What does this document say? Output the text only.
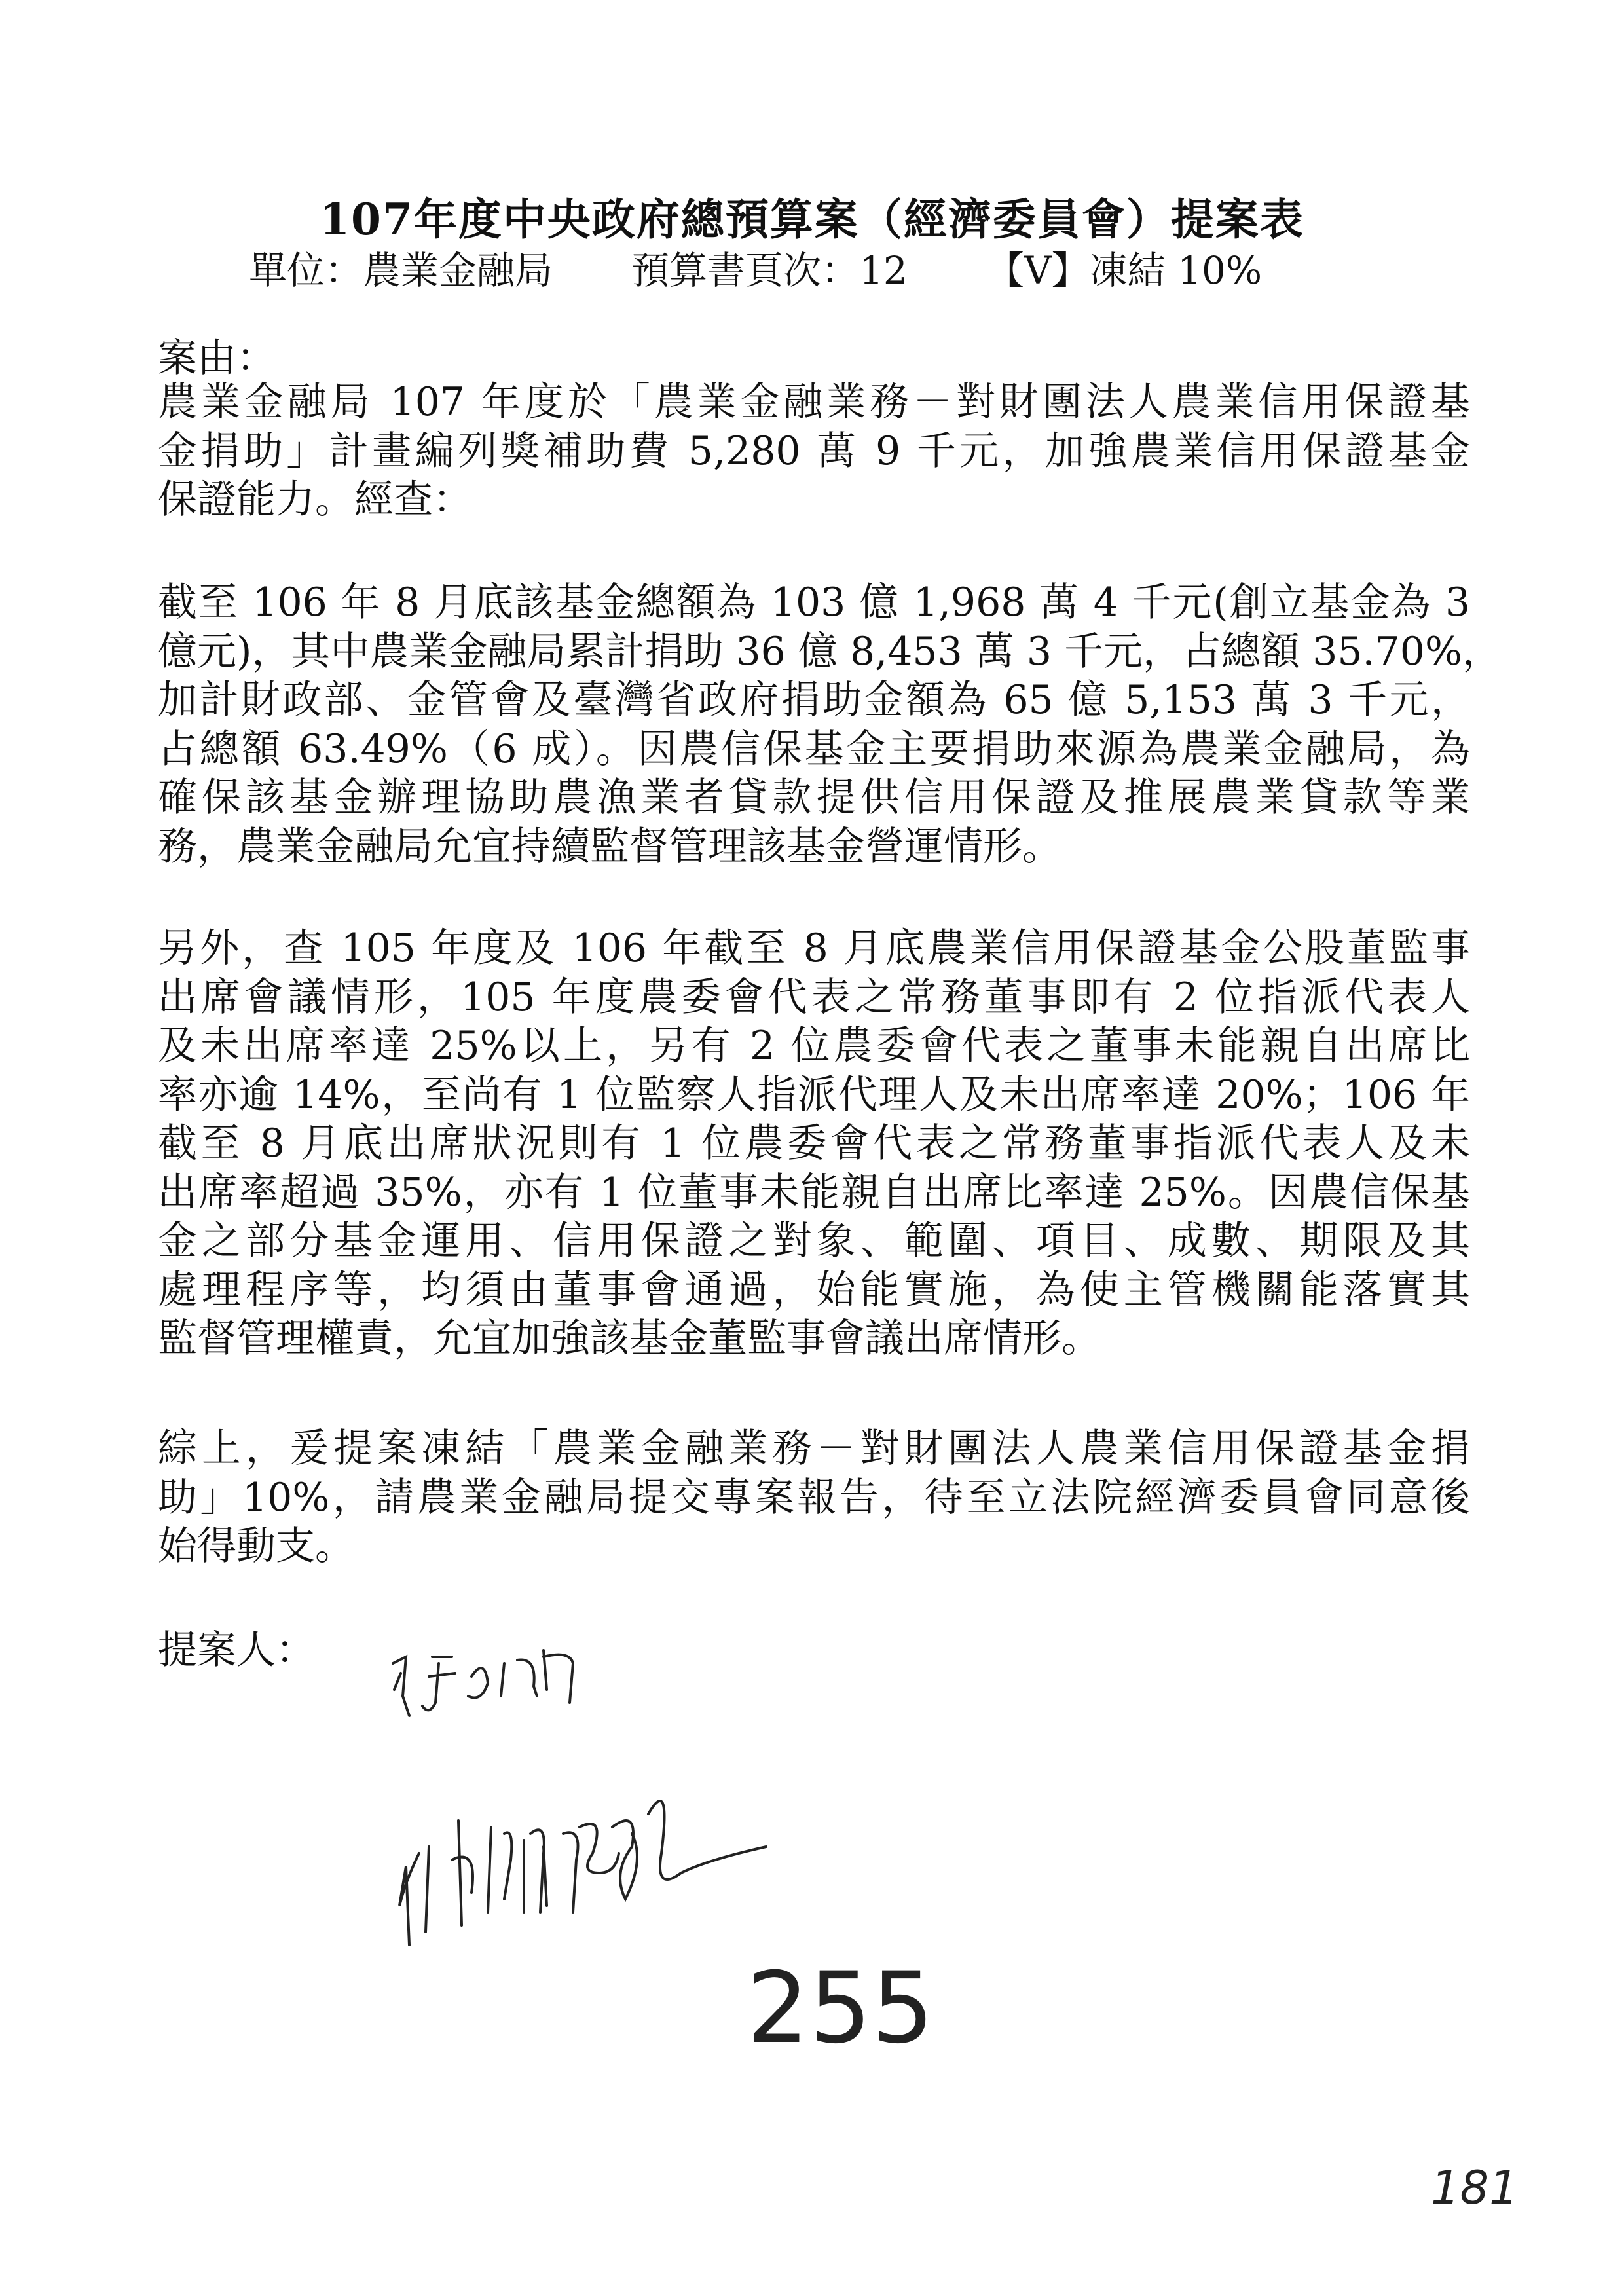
107年度中央政府總預算案（經濟委員會）提案表
單位：農業金融局 預算書頁次：12 【V】凍結 10%
案由：
農業金融局 107 年度於「農業金融業務－對財團法人農業信用保證基
金捐助」計畫編列獎補助費 5,280 萬 9 千元，加強農業信用保證基金
保證能力。經查：
截至 106 年 8 月底該基金總額為 103 億 1,968 萬 4 千元(創立基金為 3
億元)，其中農業金融局累計捐助 36 億 8,453 萬 3 千元，占總額 35.70%，
加計財政部、金管會及臺灣省政府捐助金額為 65 億 5,153 萬 3 千元，
占總額 63.49%（6 成）。因農信保基金主要捐助來源為農業金融局，為
確保該基金辦理協助農漁業者貸款提供信用保證及推展農業貸款等業
務，農業金融局允宜持續監督管理該基金營運情形。
另外，查 105 年度及 106 年截至 8 月底農業信用保證基金公股董監事
出席會議情形，105 年度農委會代表之常務董事即有 2 位指派代表人
及未出席率達 25%以上，另有 2 位農委會代表之董事未能親自出席比
率亦逾 14%，至尚有 1 位監察人指派代理人及未出席率達 20%；106 年
截至 8 月底出席狀況則有 1 位農委會代表之常務董事指派代表人及未
出席率超過 35%，亦有 1 位董事未能親自出席比率達 25%。因農信保基
金之部分基金運用、信用保證之對象、範圍、項目、成數、期限及其
處理程序等，均須由董事會通過，始能實施，為使主管機關能落實其
監督管理權責，允宜加強該基金董監事會議出席情形。
綜上，爰提案凍結「農業金融業務－對財團法人農業信用保證基金捐
助」10%，請農業金融局提交專案報告，待至立法院經濟委員會同意後
始得動支。
提案人：
255
181
